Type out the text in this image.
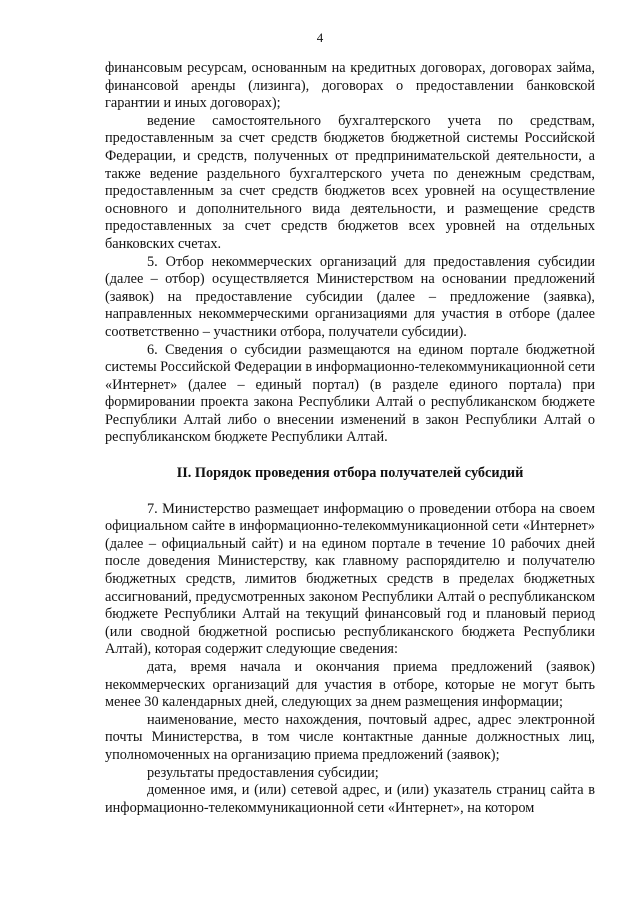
4

финансовым ресурсам, основанным на кредитных договорах, договорах займа, финансовой аренды (лизинга), договорах о предоставлении банковской гарантии и иных договорах);

ведение самостоятельного бухгалтерского учета по средствам, предоставленным за счет средств бюджетов бюджетной системы Российской Федерации, и средств, полученных от предпринимательской деятельности, а также ведение раздельного бухгалтерского учета по денежным средствам, предоставленным за счет средств бюджетов всех уровней на осуществление основного и дополнительного вида деятельности, и размещение средств предоставленных за счет средств бюджетов всех уровней на отдельных банковских счетах.

5. Отбор некоммерческих организаций для предоставления субсидии (далее – отбор) осуществляется Министерством на основании предложений (заявок) на предоставление субсидии (далее – предложение (заявка), направленных некоммерческими организациями для участия в отборе (далее соответственно – участники отбора, получатели субсидии).

6. Сведения о субсидии размещаются на едином портале бюджетной системы Российской Федерации в информационно-телекоммуникационной сети «Интернет» (далее – единый портал) (в разделе единого портала) при формировании проекта закона Республики Алтай о республиканском бюджете Республики Алтай либо о внесении изменений в закон Республики Алтай о республиканском бюджете Республики Алтай.

II. Порядок проведения отбора получателей субсидий

7. Министерство размещает информацию о проведении отбора на своем официальном сайте в информационно-телекоммуникационной сети «Интернет» (далее – официальный сайт) и на едином портале в течение 10 рабочих дней после доведения Министерству, как главному распорядителю и получателю бюджетных средств, лимитов бюджетных средств в пределах бюджетных ассигнований, предусмотренных законом Республики Алтай о республиканском бюджете Республики Алтай на текущий финансовый год и плановый период (или сводной бюджетной росписью республиканского бюджета Республики Алтай), которая содержит следующие сведения:

дата, время начала и окончания приема предложений (заявок) некоммерческих организаций для участия в отборе, которые не могут быть менее 30 календарных дней, следующих за днем размещения информации;

наименование, место нахождения, почтовый адрес, адрес электронной почты Министерства, в том числе контактные данные должностных лиц, уполномоченных на организацию приема предложений (заявок);

результаты предоставления субсидии;

доменное имя, и (или) сетевой адрес, и (или) указатель страниц сайта в информационно-телекоммуникационной сети «Интернет», на котором
